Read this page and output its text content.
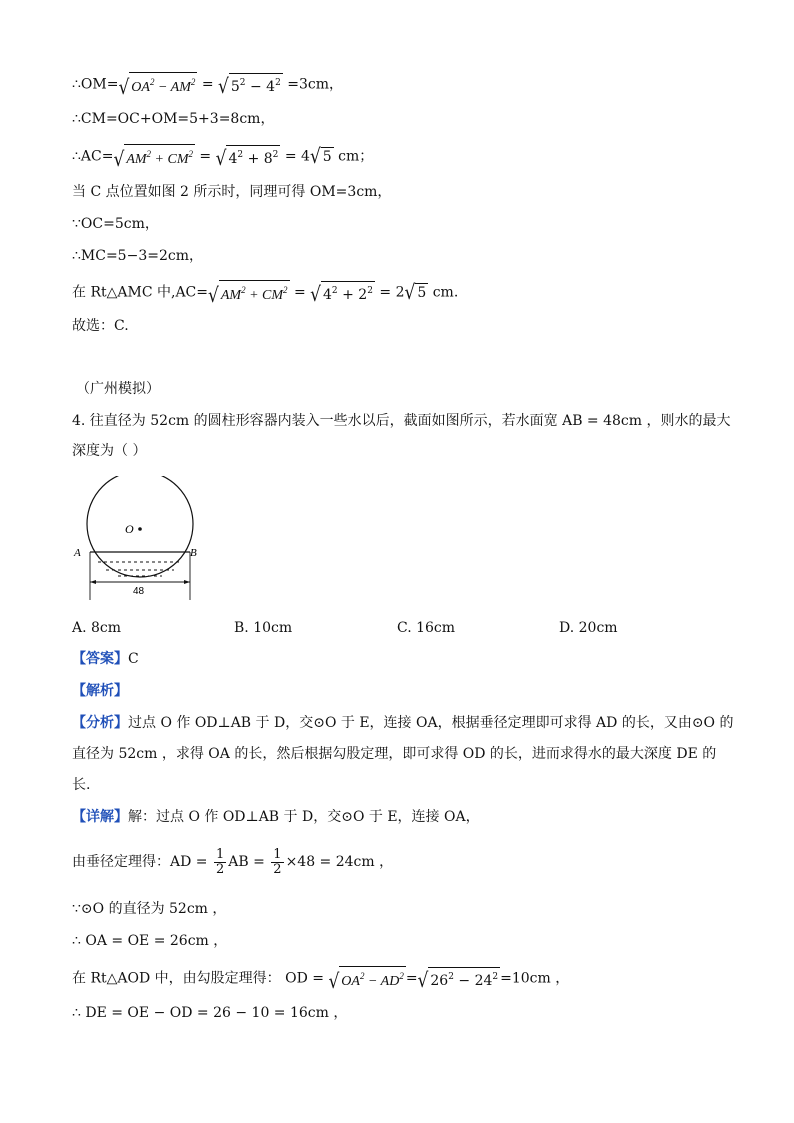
∴OM= √ $OA^2 - AM^2$ = √ $5^2 - 4^2 =3cm$，
∴CM=OC+OM=5+3=8cm，
∴AC= √ $AM^2 + CM^2$ = √ $4^2 + 8^2 = 4$ √ 5 cm；
当 C 点位置如图 2 所示时，同理可得 OM=3cm，
∵OC=5cm，
∴MC=5−3=2cm，
在 Rt△AMC 中,AC= √ $AM^2 + CM^2$ = √ $4^2 + 2^2 = 2$ √ 5 cm.
故选：C.
（广州模拟）
4. 往直径为 52cm 的圆柱形容器内装入一些水以后，截面如图所示，若水面宽 AB = 48cm ，则水的最大
深度为（ ）
O
A	B
48
A. 8cm	B. 10cm	C. 16cm	D. 20cm
【答案】C
【解析】
【分析】过点 O 作 OD⊥AB 于 D，交⊙O 于 E，连接 OA，根据垂径定理即可求得 AD 的长，又由⊙O 的
直径为 52cm ，求得 OA 的长，然后根据勾股定理，即可求得 OD 的长，进而求得水的最大深度 DE 的
长.
【详解】解：过点 O 作 OD⊥AB 于 D，交⊙O 于 E，连接 OA，
由垂径定理得：AD = $\frac{1}{2}$ AB = $\frac{1}{2} \times 48 = 24cm$ ，
∵⊙O 的直径为 52cm ，
∴ OA = OE = 26cm ，
在 Rt△AOD 中，由勾股定理得： OD = √ $OA^2 - AD^2$ = √ $26^2 - 24^2 =10cm$ ，
∴ DE = OE − OD = 26 − 10 = 16cm ，
